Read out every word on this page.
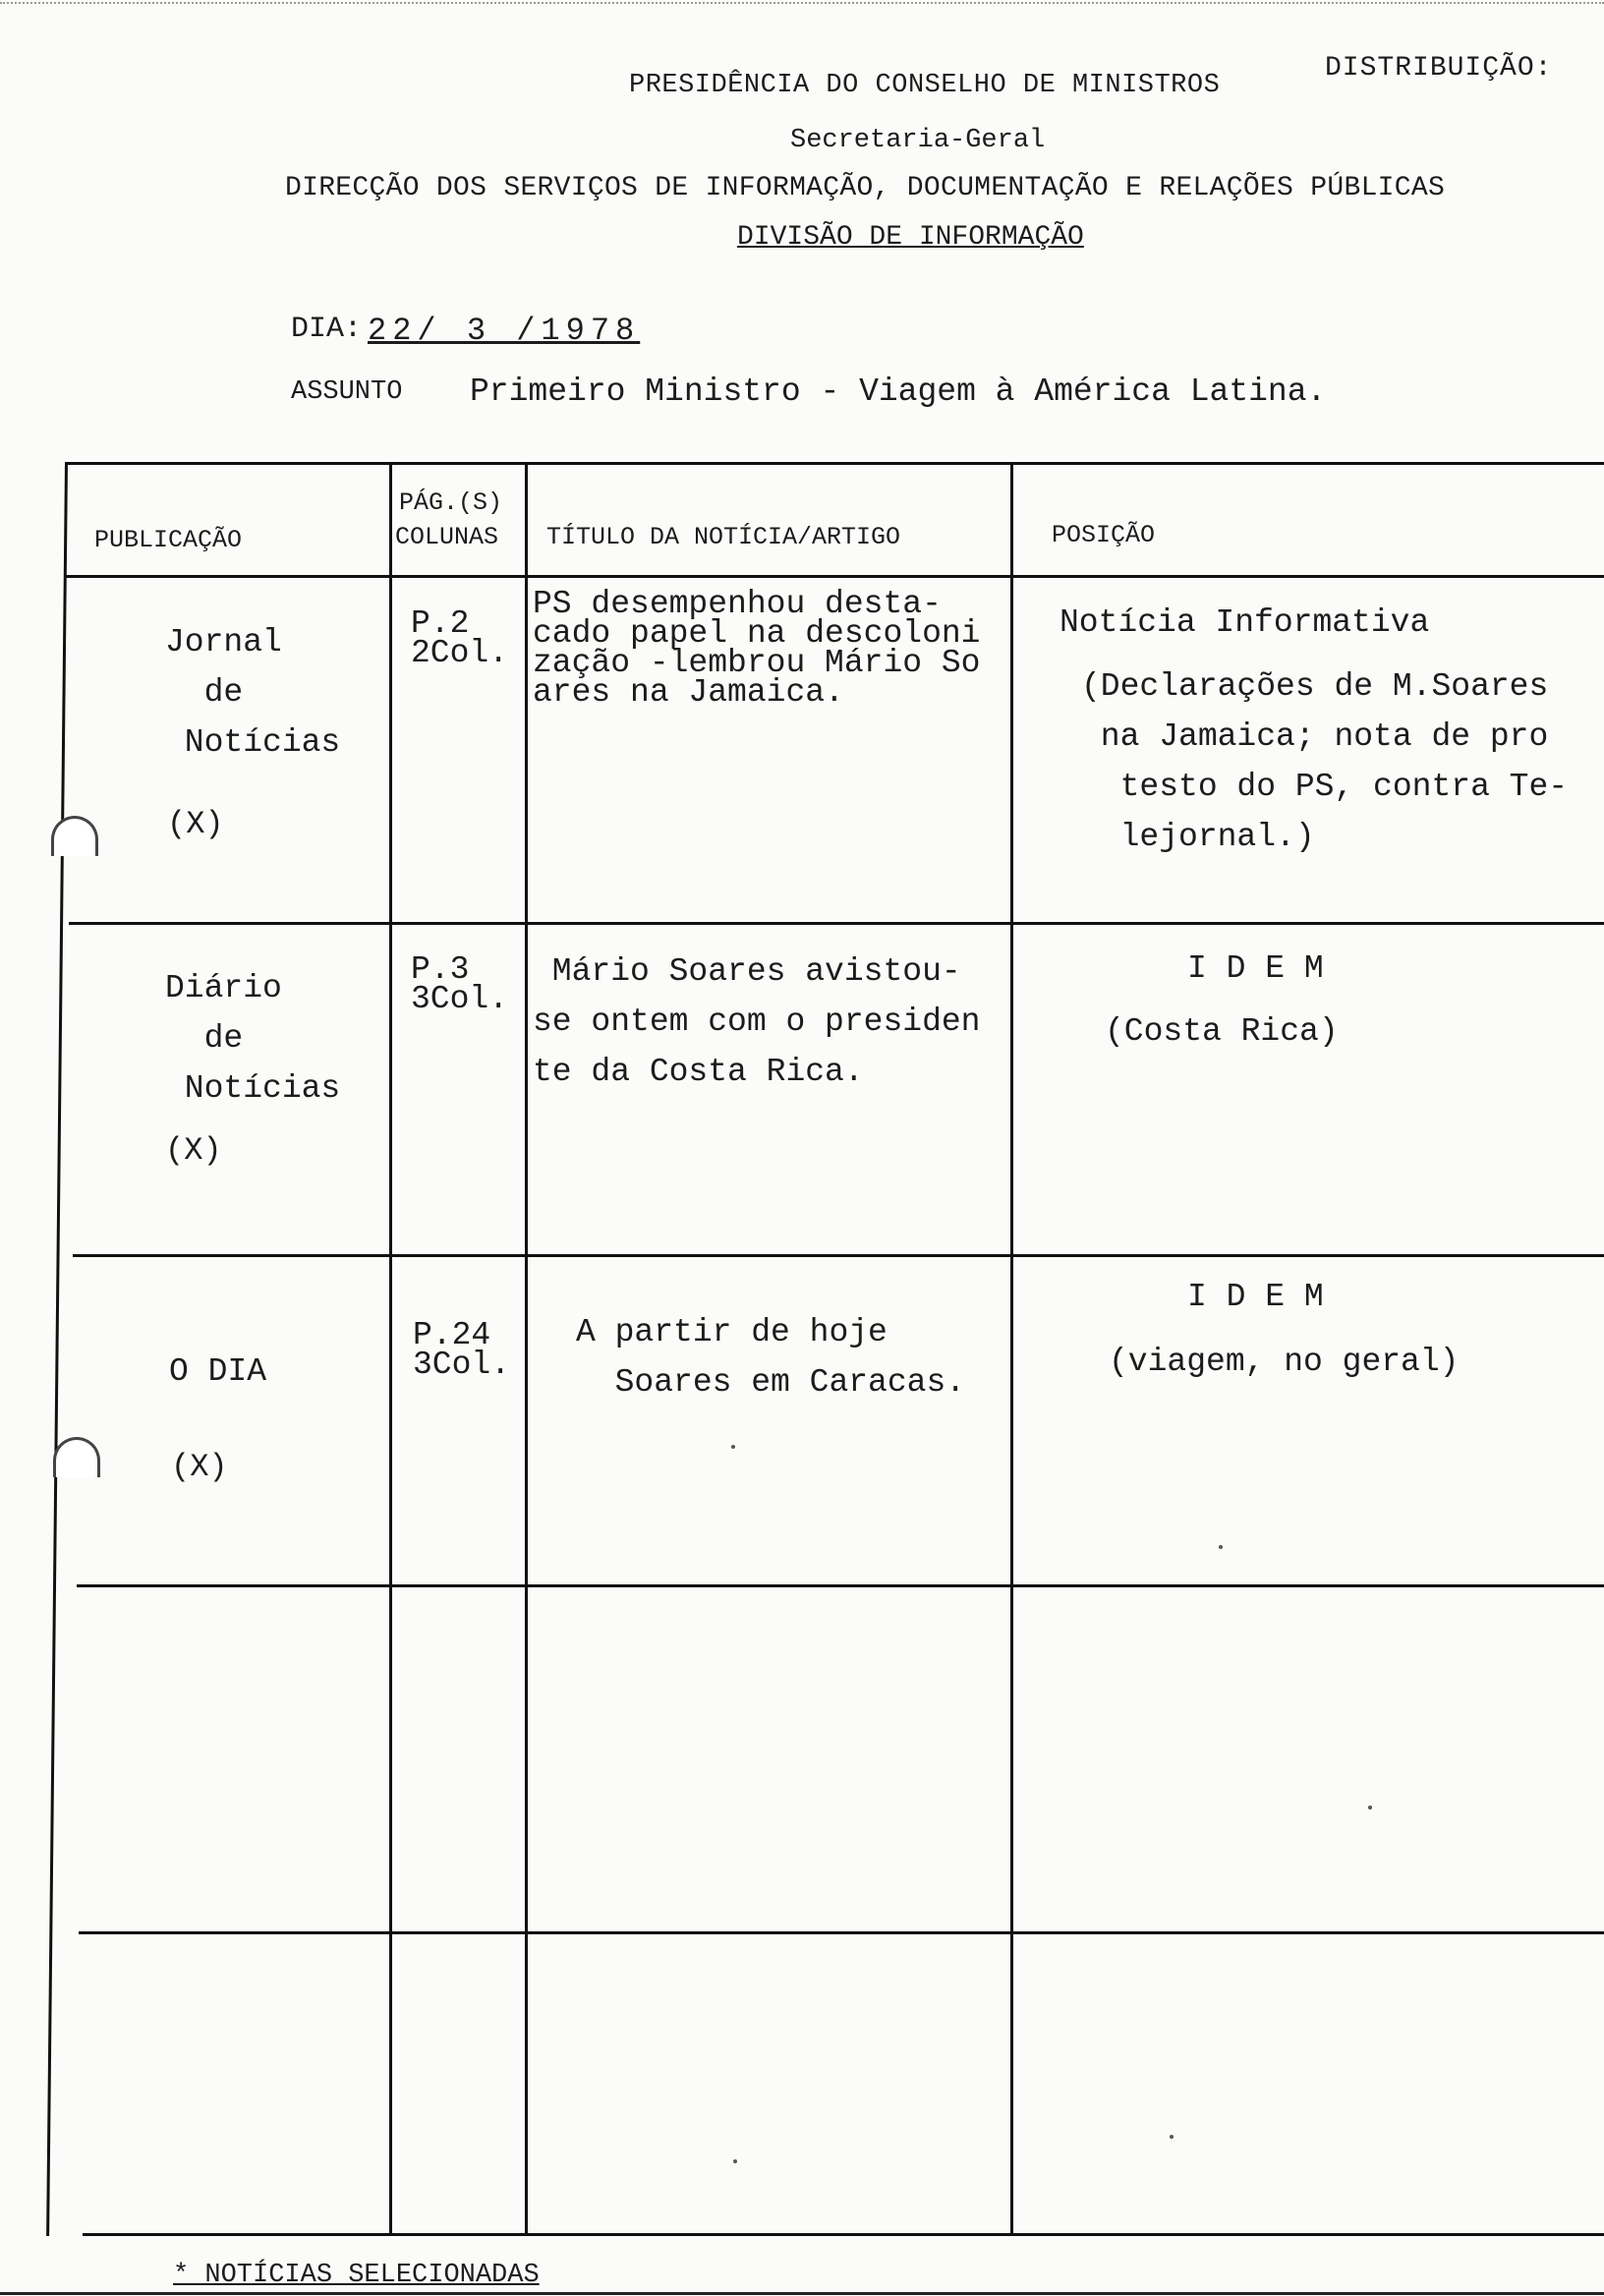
PRESIDÊNCIA DO CONSELHO DE MINISTROS
DISTRIBUIÇÃO:
Secretaria-Geral
DIRECÇÃO DOS SERVIÇOS DE INFORMAÇÃO, DOCUMENTAÇÃO E RELAÇÕES PÚBLICAS
DIVISÃO DE INFORMAÇÃO
DIA: 22/ 3 /1978
ASSUNTO Primeiro Ministro - Viagem à América Latina.
PUBLICAÇÃO
PÁG.(S)
COLUNAS TÍTULO DA NOTÍCIA/ARTIGO	POSIÇÃO
Jornal
de
Notícias
(X)
P.2
2Col.
PS desempenhou desta-
cado papel na descoloni
zação -lembrou Mário So
ares na Jamaica.
Notícia Informativa
(Declarações de M.Soares
na Jamaica; nota de pro
testo do PS, contra Te-
lejornal.)
Diário
de
Notícias
(X)
P.3
3Col.
Mário Soares avistou-
se ontem com o presiden
te da Costa Rica.
I D E M
(Costa Rica)
O DIA
(X)
P.24
3Col.
A partir de hoje
Soares em Caracas.
I D E M
(viagem, no geral)
* NOTÍCIAS SELECIONADAS
